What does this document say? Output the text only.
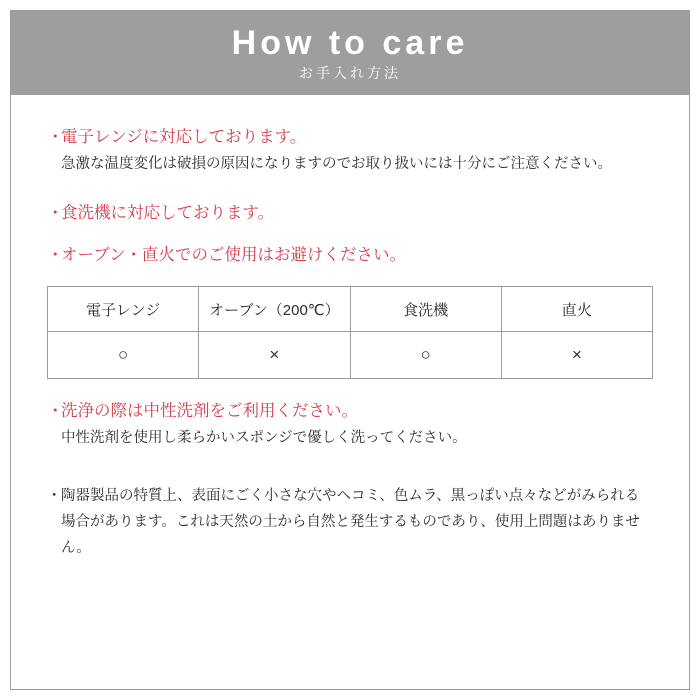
How to care
お手入れ方法
・
電子レンジに対応しております。
急激な温度変化は破損の原因になりますのでお取り扱いには十分にご注意ください。
・
食洗機に対応しております。
・
オーブン・直火でのご使用はお避けください。
電子レンジ	オーブン（200℃）	食洗機	直火
○	×	○	×
・
洗浄の際は中性洗剤をご利用ください。
中性洗剤を使用し柔らかいスポンジで優しく洗ってください。
・ 陶器製品の特質上、表面にごく小さな穴やヘコミ、色ムラ、黒っぽい点々などがみられる場合があります。これは天然の土から自然と発生するものであり、使用上問題はありません。
